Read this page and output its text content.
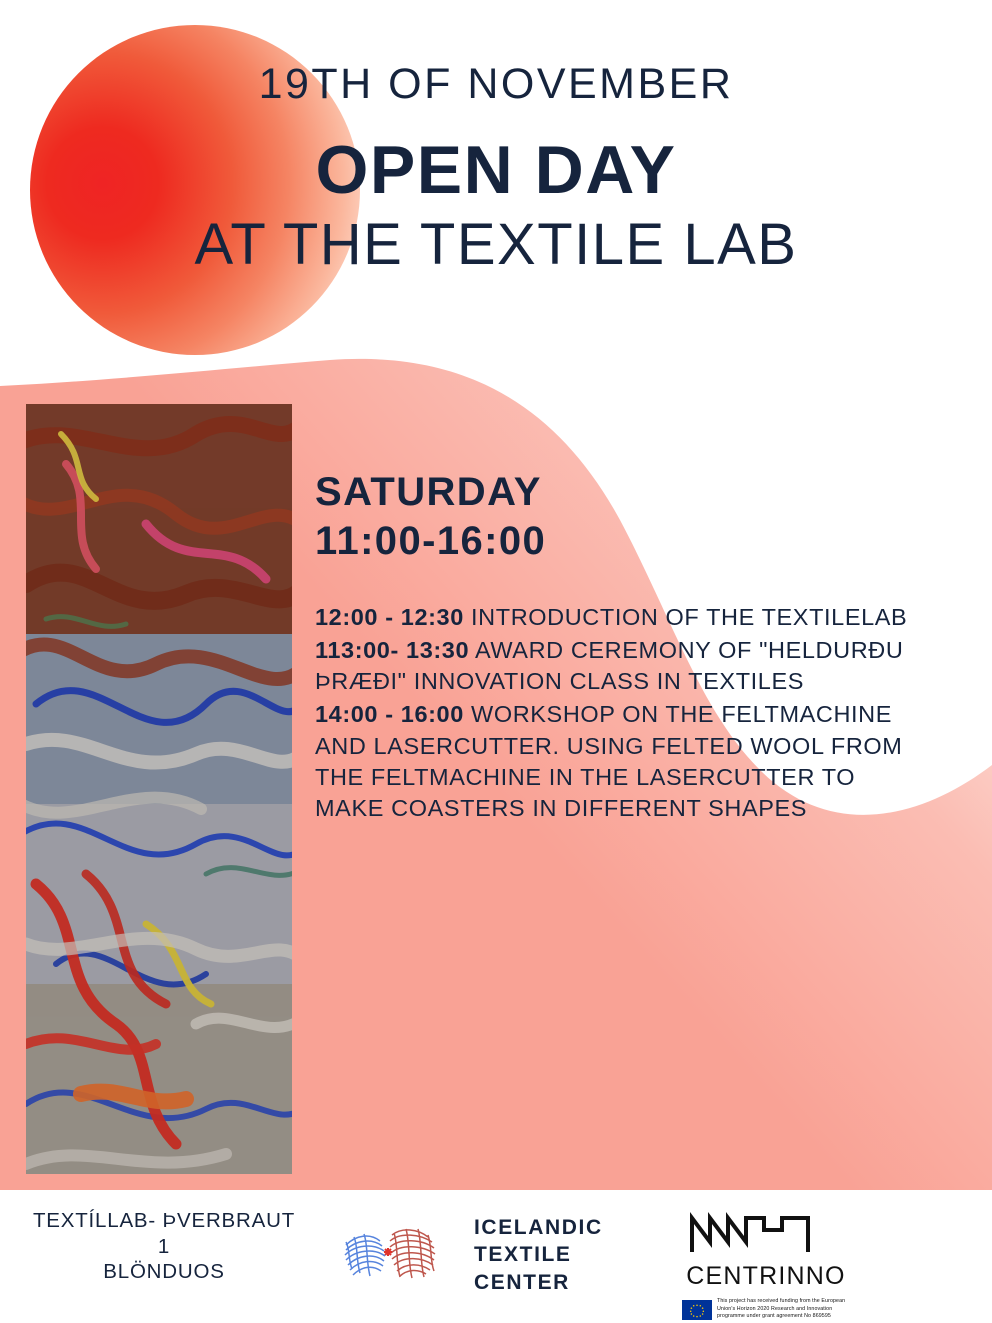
19TH OF NOVEMBER
OPEN DAY
AT THE TEXTILE LAB
SATURDAY
11:00-16:00
12:00 - 12:30 INTRODUCTION OF THE TEXTILELAB
113:00- 13:30 AWARD CEREMONY OF "HELDURÐU ÞRÆÐI" INNOVATION CLASS IN TEXTILES
14:00 - 16:00 WORKSHOP ON THE FELTMACHINE AND LASERCUTTER. USING FELTED WOOL FROM THE FELTMACHINE IN THE LASERCUTTER TO MAKE COASTERS IN DIFFERENT SHAPES
TEXTÍLLAB- ÞVERBRAUT 1
BLÖNDUOS
ICELANDIC
TEXTILE CENTER	CENTRINNO
This project has received funding from the European Union's Horizon 2020 Research and Innovation programme under grant agreement No 869595
